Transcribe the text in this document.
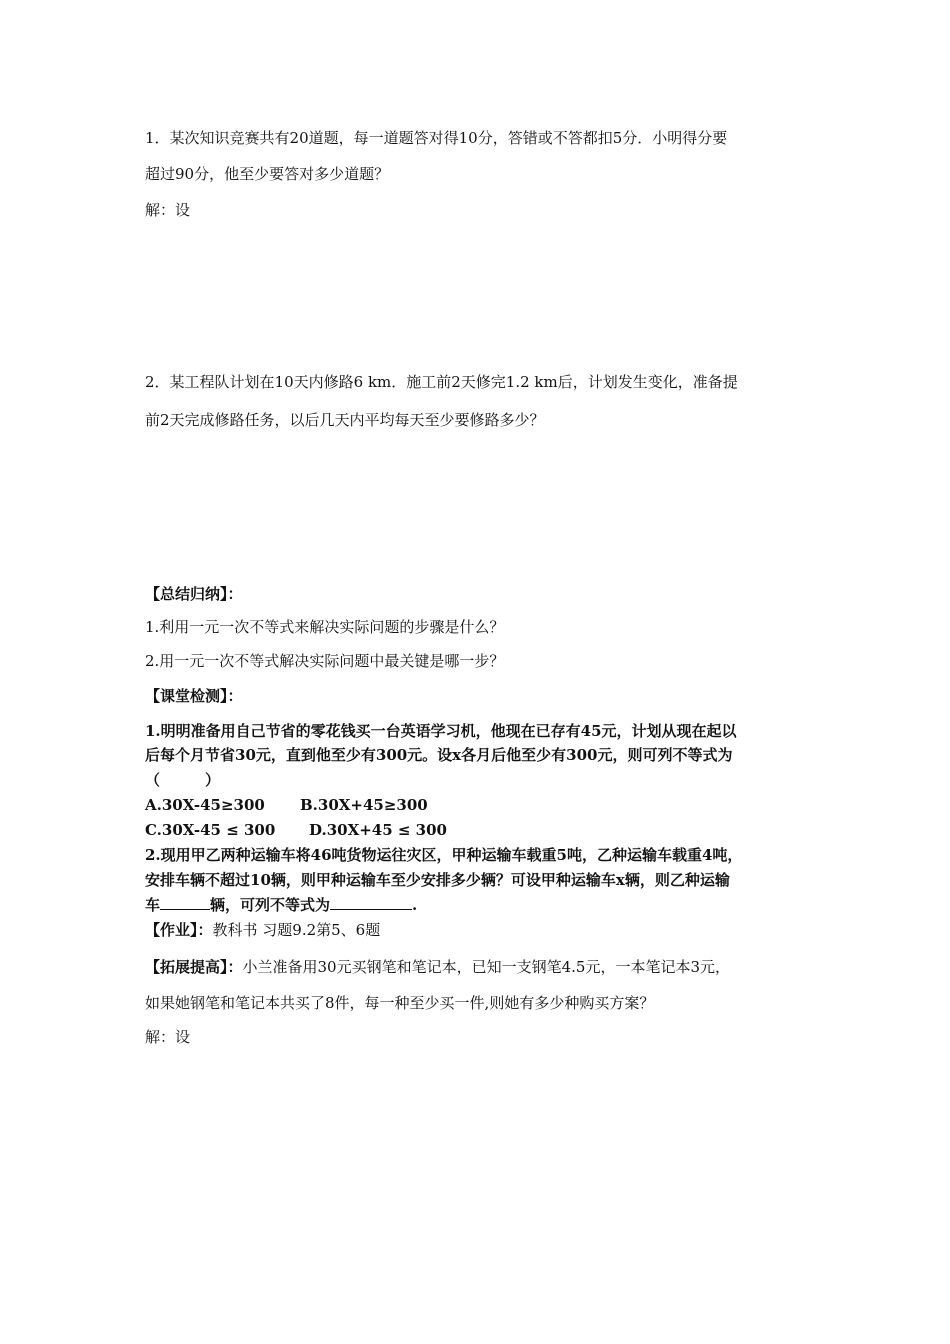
1．某次知识竞赛共有20道题，每一道题答对得10分，答错或不答都扣5分．小明得分要
超过90分，他至少要答对多少道题？
解：设
2．某工程队计划在10天内修路6 km．施工前2天修完1.2 km后，计划发生变化，准备提
前2天完成修路任务，以后几天内平均每天至少要修路多少？
【总结归纳】：
1.利用一元一次不等式来解决实际问题的步骤是什么？
2.用一元一次不等式解决实际问题中最关键是哪一步？
【课堂检测】：
1.明明准备用自己节省的零花钱买一台英语学习机，他现在已存有45元，计划从现在起以
后每个月节省30元，直到他至少有300元。设x各月后他至少有300元，则可列不等式为
（　　　）
A.30X-45≥300 B.30X+45≥300
C.30X-45 ≤ 300 D.30X+45 ≤ 300
2.现用甲乙两种运输车将46吨货物运往灾区，甲种运输车载重5吨，乙种运输车载重4吨，
安排车辆不超过10辆，则甲种运输车至少安排多少辆？可设甲种运输车x辆，则乙种运输
车	辆，可列不等式为	.
【作业】：教科书 习题9.2第5、6题
【拓展提高】：小兰准备用30元买钢笔和笔记本，已知一支钢笔4.5元，一本笔记本3元，
如果她钢笔和笔记本共买了8件，每一种至少买一件,则她有多少种购买方案？
解：设
